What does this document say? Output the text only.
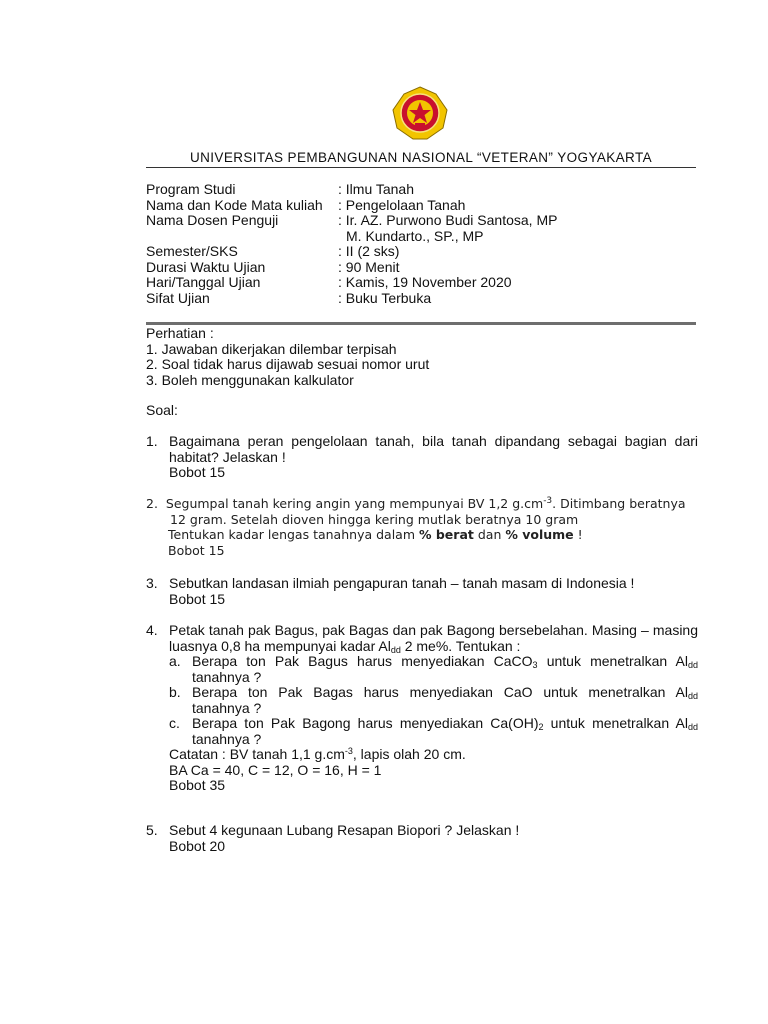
UNIVERSITAS PEMBANGUNAN NASIONAL “VETERAN” YOGYAKARTA
Program Studi	: Ilmu Tanah
Nama dan Kode Mata kuliah	: Pengelolaan Tanah
Nama Dosen Penguji	: Ir. AZ. Purwono Budi Santosa, MP
M. Kundarto., SP., MP
Semester/SKS	: II (2 sks)
Durasi Waktu Ujian	: 90 Menit
Hari/Tanggal Ujian	: Kamis, 19 November 2020
Sifat Ujian	: Buku Terbuka
Perhatian :
1. Jawaban dikerjakan dilembar terpisah
2. Soal tidak harus dijawab sesuai nomor urut
3. Boleh menggunakan kalkulator
Soal:
1. Bagaimana peran pengelolaan tanah, bila tanah dipandang sebagai bagian dari
habitat? Jelaskan !
Bobot 15
2. Segumpal tanah kering angin yang mempunyai BV 1,2 $g.cm^{-3}$. Ditimbang beratnya
12 gram. Setelah dioven hingga kering mutlak beratnya 10 gram
Tentukan kadar lengas tanahnya dalam % berat dan % volume !
Bobot 15
3. Sebutkan landasan ilmiah pengapuran tanah – tanah masam di Indonesia !
Bobot 15
4. Petak tanah pak Bagus, pak Bagas dan pak Bagong bersebelahan. Masing – masing
luasnya 0,8 ha mempunyai kadar $Al_{dd}$ 2 me%. Tentukan :
a. Berapa ton Pak Bagus harus menyediakan CaCO$_3$ untuk menetralkan $Al_{dd}$
tanahnya ?
b. Berapa ton Pak Bagas harus menyediakan CaO untuk menetralkan $Al_{dd}$
tanahnya ?
c. Berapa ton Pak Bagong harus menyediakan $Ca(OH)_2$ untuk menetralkan $Al_{dd}$
tanahnya ?
Catatan : BV tanah 1,1 $g.cm^{-3}$, lapis olah 20 cm.
BA Ca = 40, C = 12, O = 16, H = 1
Bobot 35
5. Sebut 4 kegunaan Lubang Resapan Biopori ? Jelaskan !
Bobot 20
